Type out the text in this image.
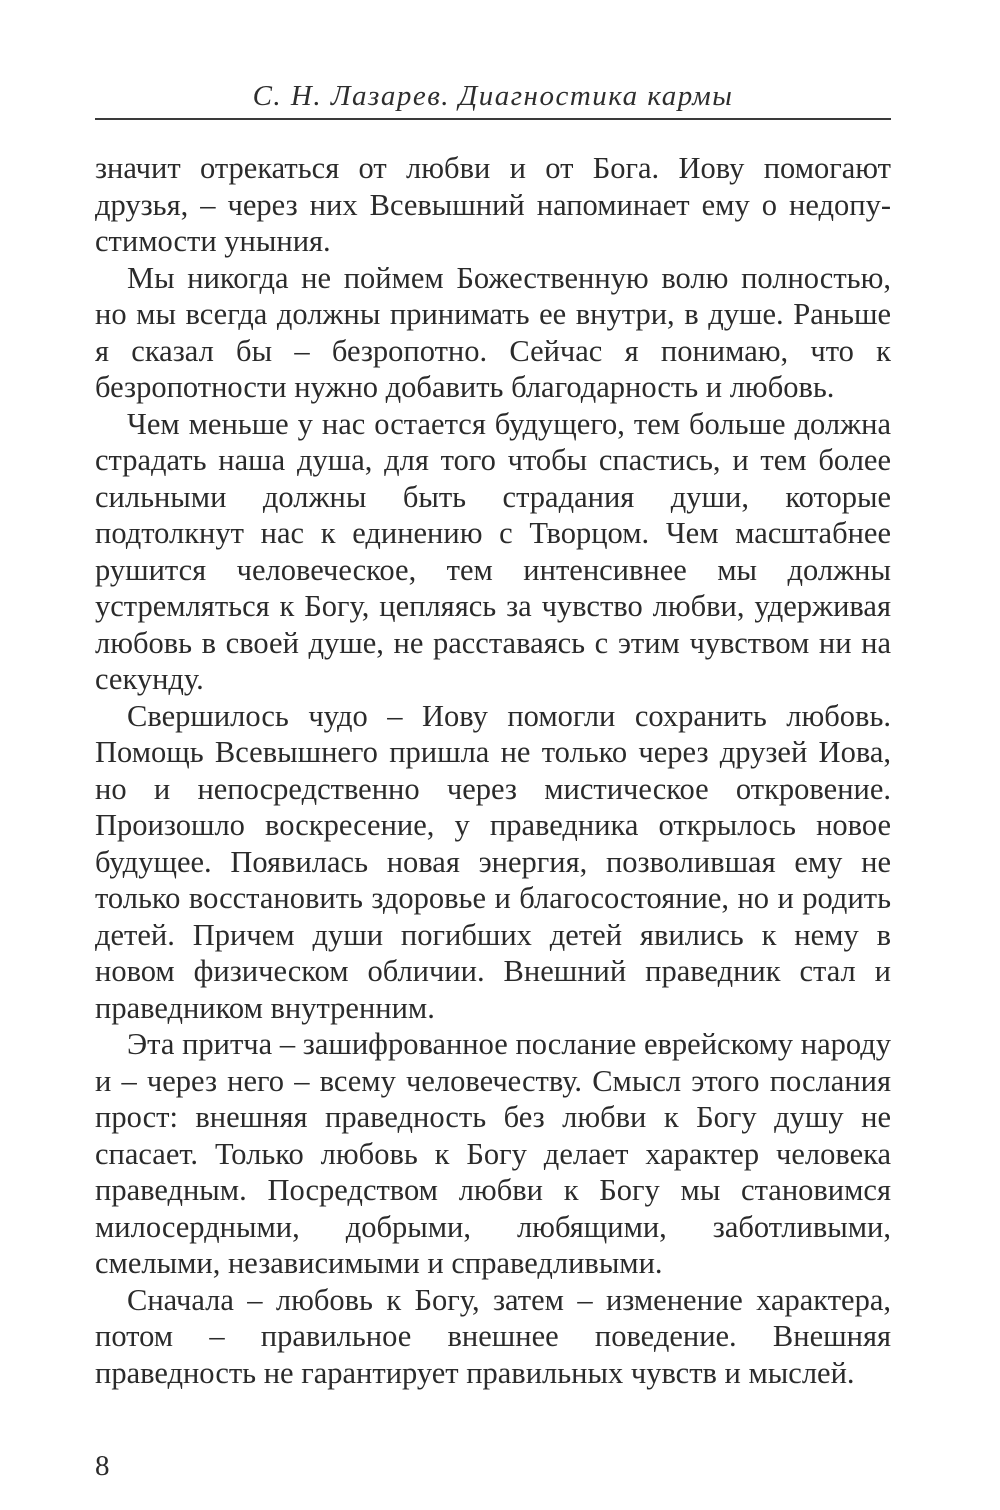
С. Н. Лазарев. Диагностика кармы

значит отрекаться от любви и от Бога. Иову помогают друзья, – через них Всевышний напоминает ему о недопустимости уныния.

Мы никогда не поймем Божественную волю полностью, но мы всегда должны принимать ее внутри, в душе. Раньше я сказал бы – безропотно. Сейчас я понимаю, что к безропотности нужно добавить благодарность и любовь.

Чем меньше у нас остается будущего, тем больше должна страдать наша душа, для того чтобы спастись, и тем более сильными должны быть страдания души, которые подтолкнут нас к единению с Творцом. Чем масштабнее рушится человеческое, тем интенсивнее мы должны устремляться к Богу, цепляясь за чувство любви, удерживая любовь в своей душе, не расставаясь с этим чувством ни на секунду.

Свершилось чудо – Иову помогли сохранить любовь. Помощь Всевышнего пришла не только через друзей Иова, но и непосредственно через мистическое откровение. Произошло воскресение, у праведника открылось новое будущее. Появилась новая энергия, позволившая ему не только восстановить здоровье и благосостояние, но и родить детей. Причем души погибших детей явились к нему в новом физическом обличии. Внешний праведник стал и праведником внутренним.

Эта притча – зашифрованное послание еврейскому народу и – через него – всему человечеству. Смысл этого послания прост: внешняя праведность без любви к Богу душу не спасает. Только любовь к Богу делает характер человека праведным. Посредством любви к Богу мы становимся милосердными, добрыми, любящими, заботливыми, смелыми, независимыми и справедливыми.

Сначала – любовь к Богу, затем – изменение характера, потом – правильное внешнее поведение. Внешняя праведность не гарантирует правильных чувств и мыслей.

8
